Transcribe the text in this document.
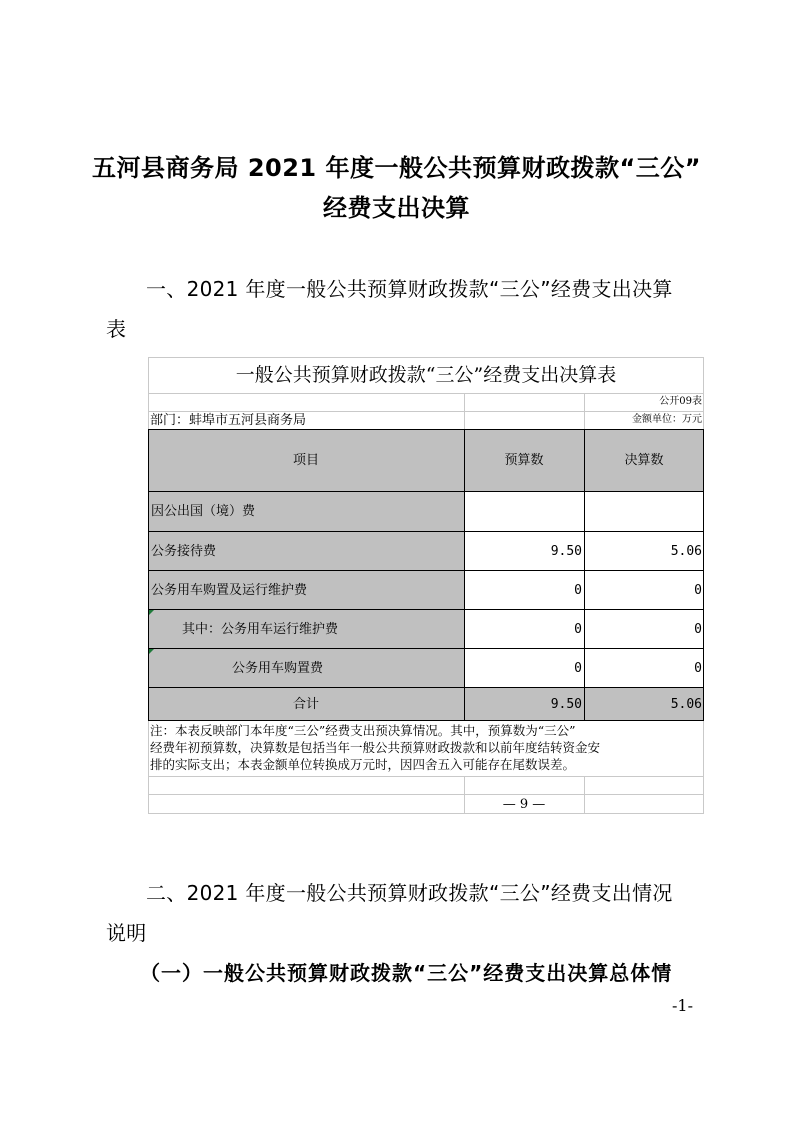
五河县商务局 2021 年度一般公共预算财政拨款“三公”
经费支出决算
一、2021 年度一般公共预算财政拨款“三公”经费支出决算
表
一般公共预算财政拨款“三公”经费支出决算表
公开09表
部门：蚌埠市五河县商务局	金额单位：万元
项目	预算数	决算数
因公出国（境）费
公务接待费	9.50	5.06
公务用车购置及运行维护费	0	0
其中：公务用车运行维护费	0	0
公务用车购置费	0	0
合计	9.50	5.06
注：本表反映部门本年度“三公”经费支出预决算情况。其中，预算数为“三公”
经费年初预算数，决算数是包括当年一般公共预算财政拨款和以前年度结转资金安
排的实际支出；本表金额单位转换成万元时，因四舍五入可能存在尾数误差。
— 9 —
二、2021 年度一般公共预算财政拨款“三公”经费支出情况
说明
（一）一般公共预算财政拨款“三公”经费支出决算总体情
-1-
